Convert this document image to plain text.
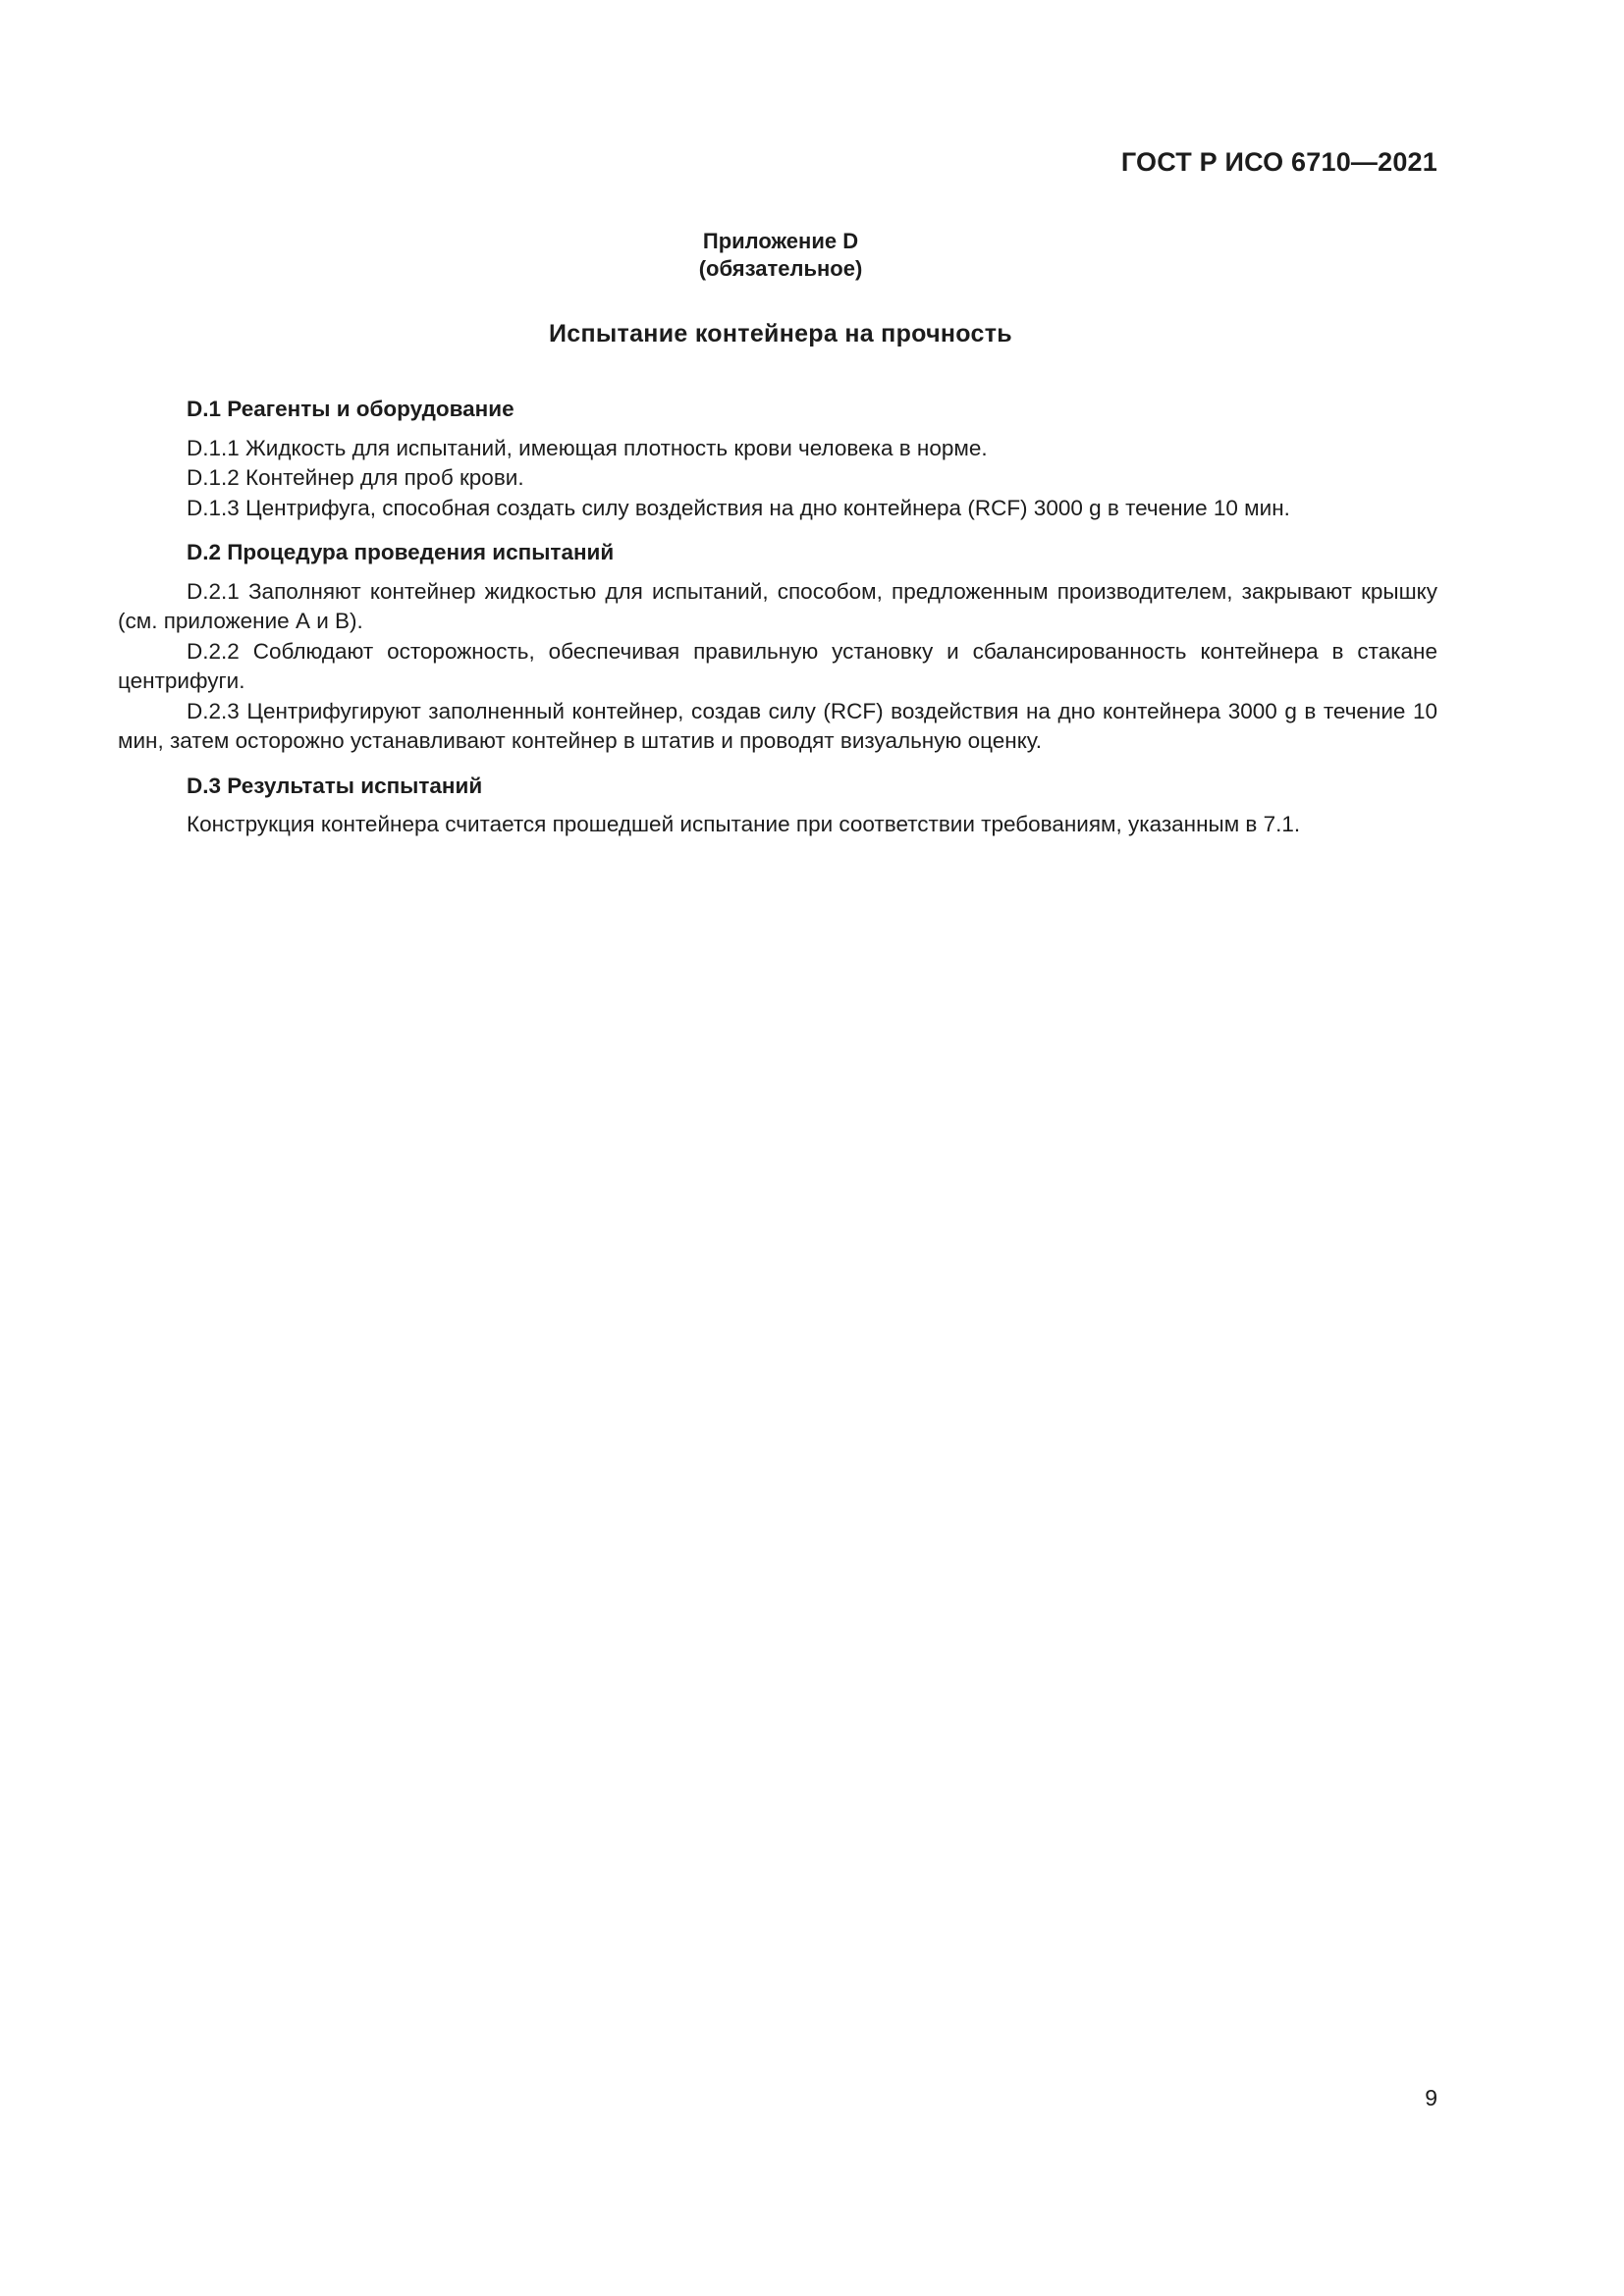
ГОСТ Р ИСО 6710—2021

Приложение D
(обязательное)

Испытание контейнера на прочность

D.1 Реагенты и оборудование

D.1.1 Жидкость для испытаний, имеющая плотность крови человека в норме.

D.1.2 Контейнер для проб крови.

D.1.3 Центрифуга, способная создать силу воздействия на дно контейнера (RCF) 3000 g в течение 10 мин.

D.2 Процедура проведения испытаний

D.2.1 Заполняют контейнер жидкостью для испытаний, способом, предложенным производителем, закрывают крышку (см. приложение А и В).

D.2.2 Соблюдают осторожность, обеспечивая правильную установку и сбалансированность контейнера в стакане центрифуги.

D.2.3 Центрифугируют заполненный контейнер, создав силу (RCF) воздействия на дно контейнера 3000 g в течение 10 мин, затем осторожно устанавливают контейнер в штатив и проводят визуальную оценку.

D.3 Результаты испытаний

Конструкция контейнера считается прошедшей испытание при соответствии требованиям, указанным в 7.1.

9
